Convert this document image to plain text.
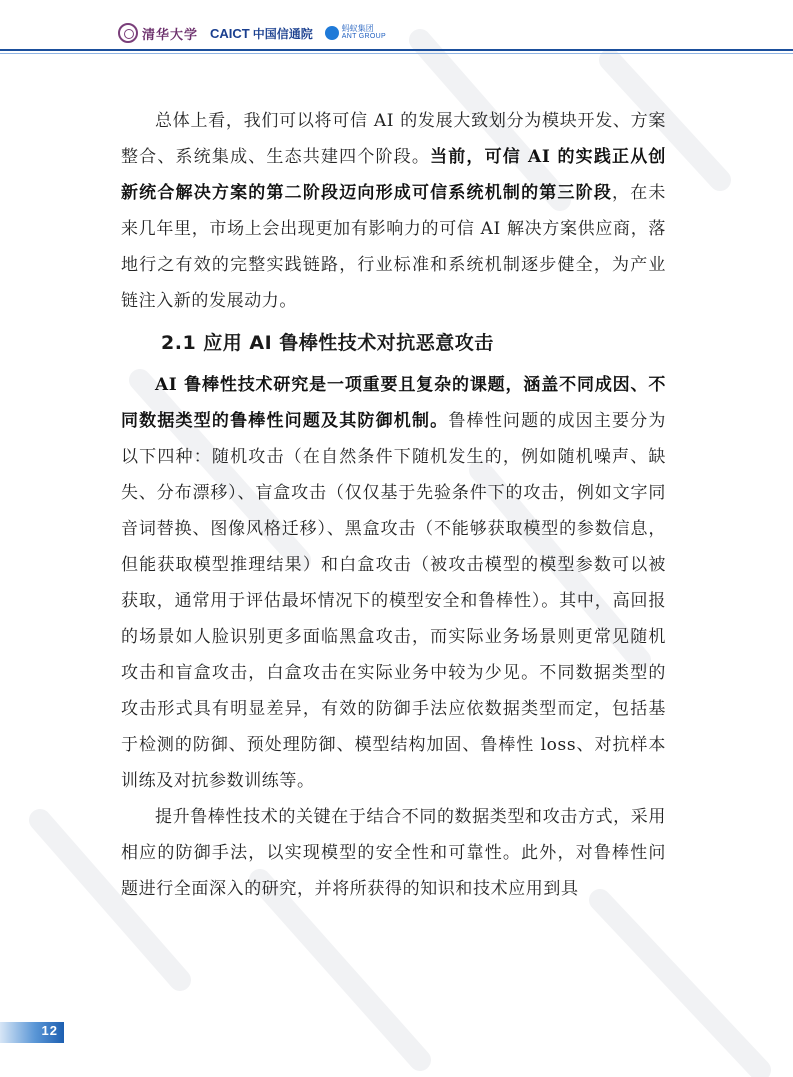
清华大学 CAICT 中国信通院	蚂蚁集团
ANT GROUP

总体上看，我们可以将可信 AI 的发展大致划分为模块开发、方案整合、系统集成、生态共建四个阶段。当前，可信 AI 的实践正从创新统合解决方案的第二阶段迈向形成可信系统机制的第三阶段，在未来几年里，市场上会出现更加有影响力的可信 AI 解决方案供应商，落地行之有效的完整实践链路，行业标准和系统机制逐步健全，为产业链注入新的发展动力。

2.1 应用 AI 鲁棒性技术对抗恶意攻击

AI 鲁棒性技术研究是一项重要且复杂的课题，涵盖不同成因、不同数据类型的鲁棒性问题及其防御机制。鲁棒性问题的成因主要分为以下四种：随机攻击（在自然条件下随机发生的，例如随机噪声、缺失、分布漂移）、盲盒攻击（仅仅基于先验条件下的攻击，例如文字同音词替换、图像风格迁移）、黑盒攻击（不能够获取模型的参数信息，但能获取模型推理结果）和白盒攻击（被攻击模型的模型参数可以被获取，通常用于评估最坏情况下的模型安全和鲁棒性）。其中，高回报的场景如人脸识别更多面临黑盒攻击，而实际业务场景则更常见随机攻击和盲盒攻击，白盒攻击在实际业务中较为少见。不同数据类型的攻击形式具有明显差异，有效的防御手法应依数据类型而定，包括基于检测的防御、预处理防御、模型结构加固、鲁棒性 loss、对抗样本训练及对抗参数训练等。

提升鲁棒性技术的关键在于结合不同的数据类型和攻击方式，采用相应的防御手法，以实现模型的安全性和可靠性。此外，对鲁棒性问题进行全面深入的研究，并将所获得的知识和技术应用到具

12
